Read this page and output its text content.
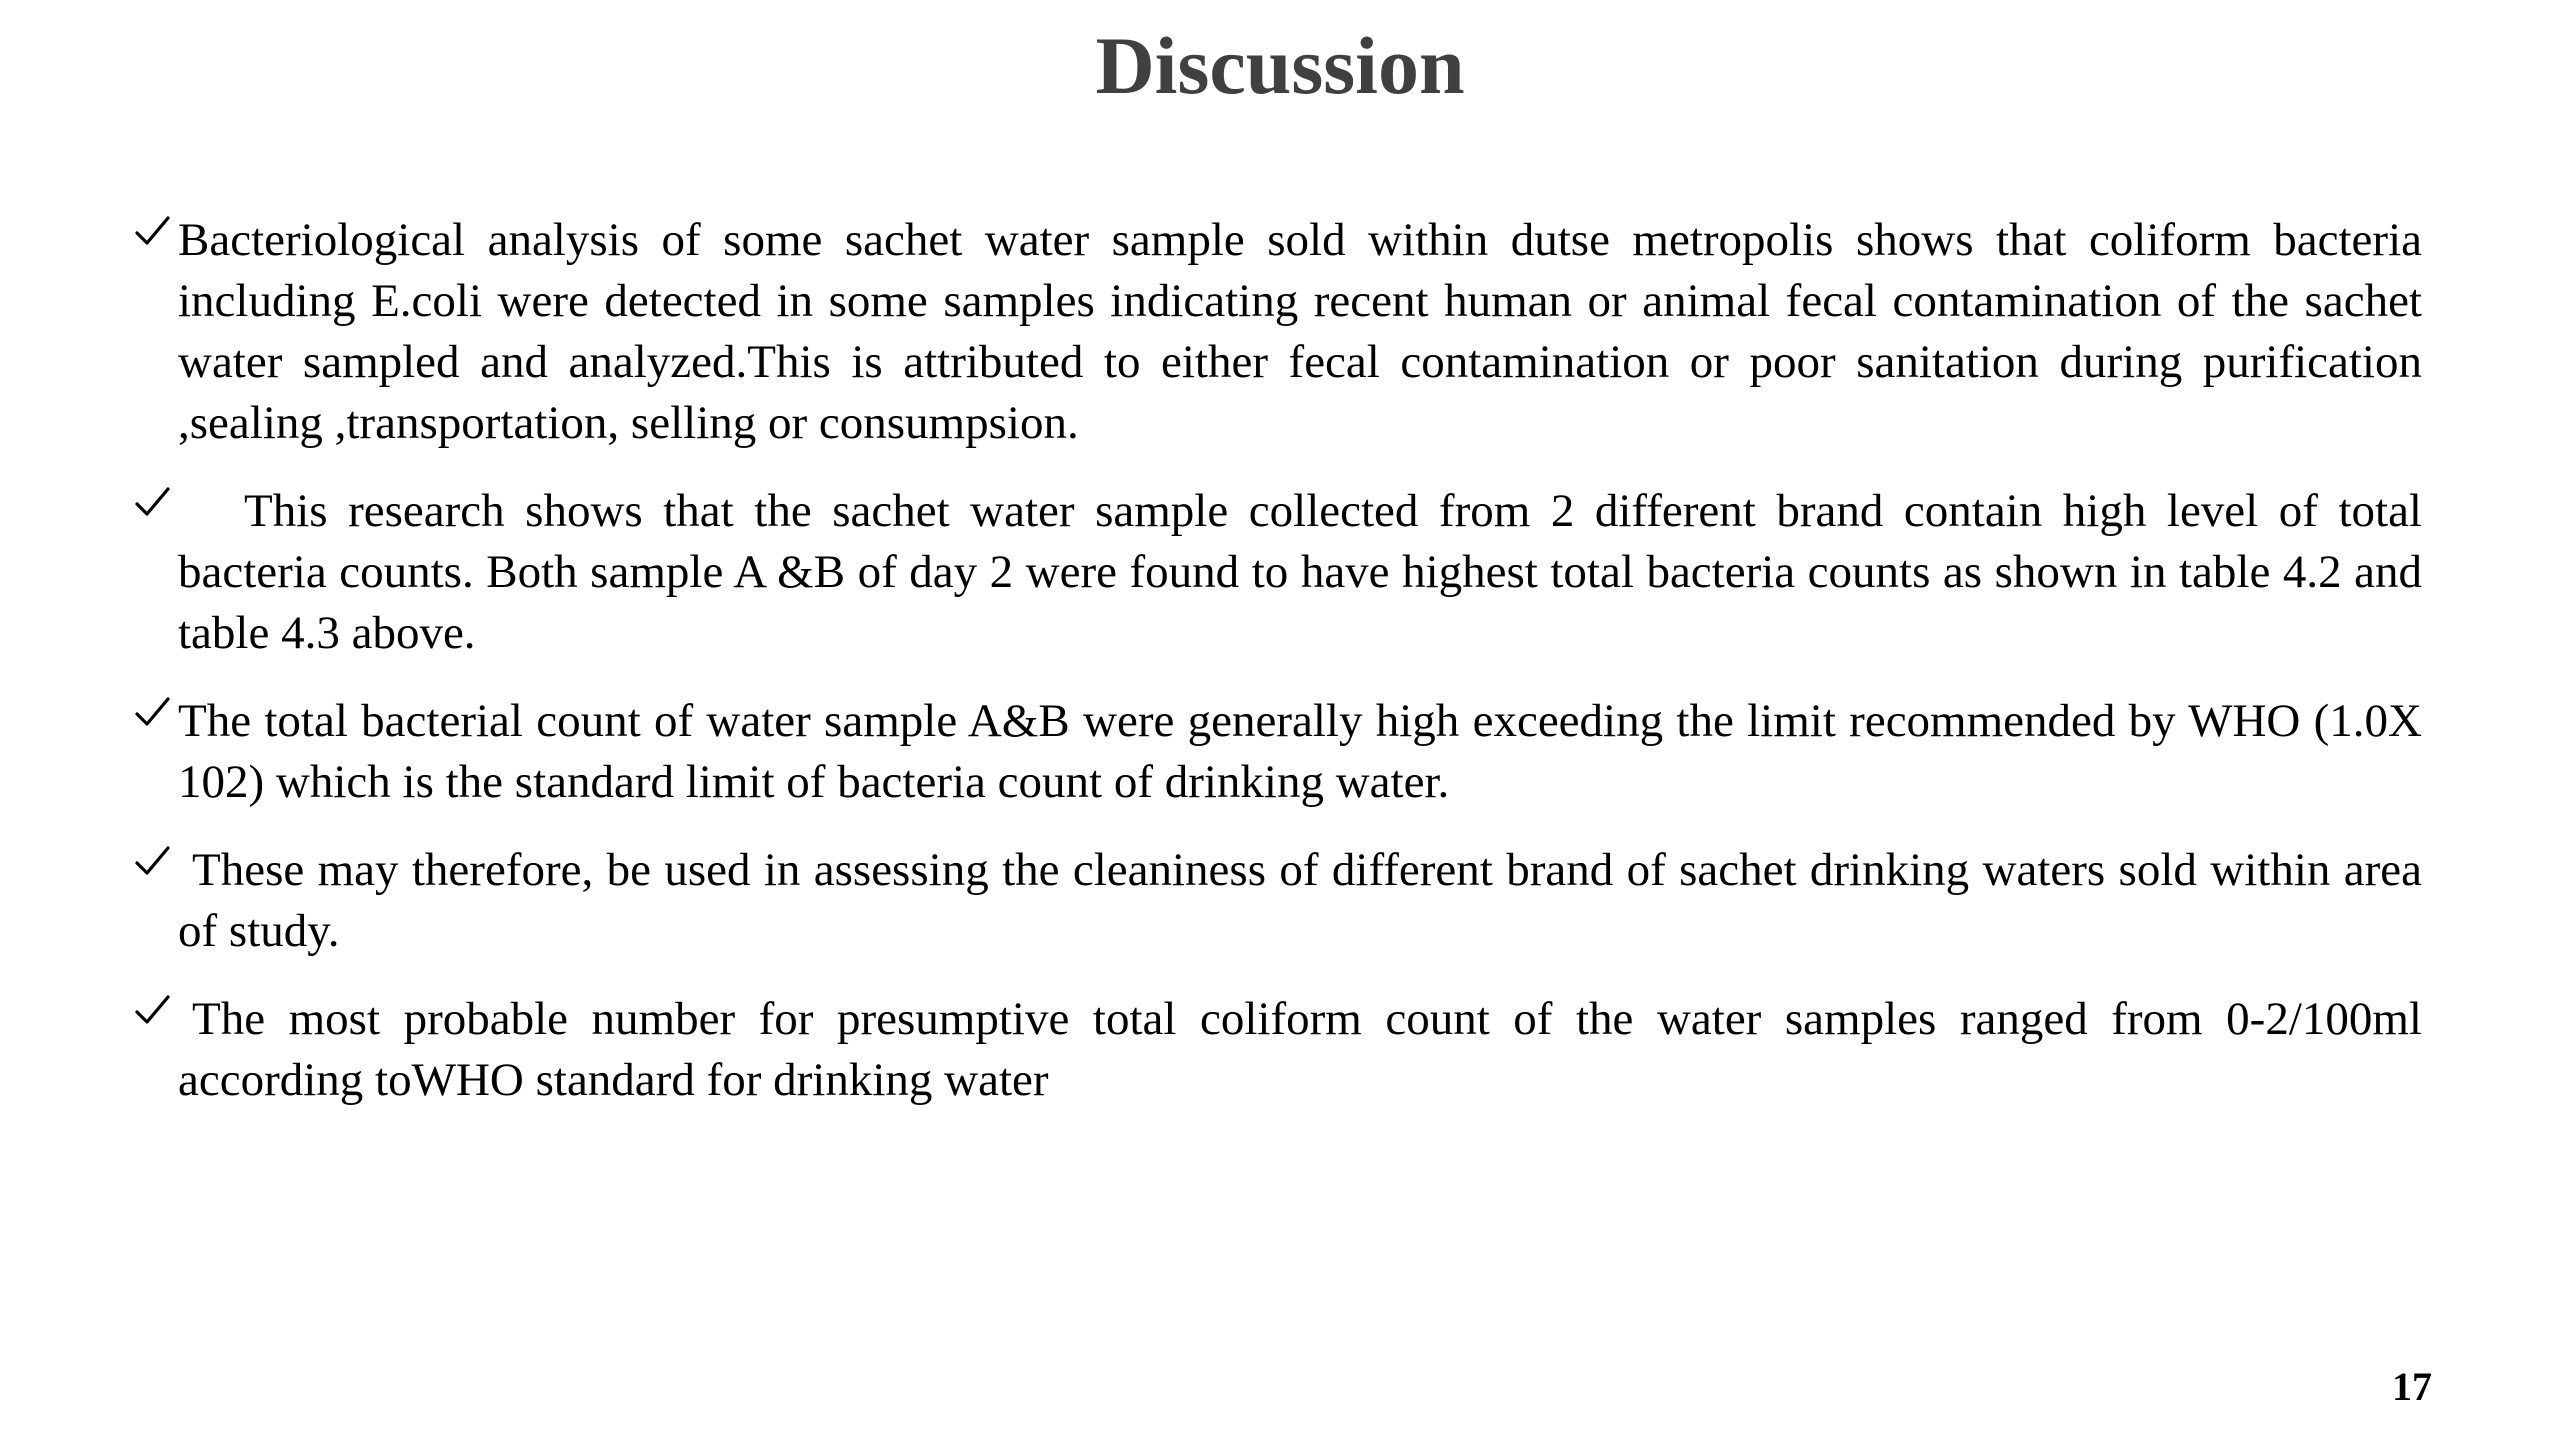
Discussion
Bacteriological analysis of some sachet water sample sold within dutse metropolis shows that coliform bacteria including E.coli were detected in some samples indicating recent human or animal fecal contamination of the sachet water sampled and analyzed.This is attributed to either fecal contamination or poor sanitation during purification ,sealing ,transportation, selling or consumpsion.
This research shows that the sachet water sample collected from 2 different brand contain high level of total bacteria counts. Both sample A &B of day 2 were found to have highest total bacteria counts as shown in table 4.2 and table 4.3 above.
The total bacterial count of water sample A&B were generally high exceeding the limit recommended by WHO (1.0X 102) which is the standard limit of bacteria count of drinking water.
These may therefore, be used in assessing the cleaniness of different brand of sachet drinking waters sold within area of study.
The most probable number for presumptive total coliform count of the water samples ranged from 0-2/100ml according toWHO standard for drinking water
17
